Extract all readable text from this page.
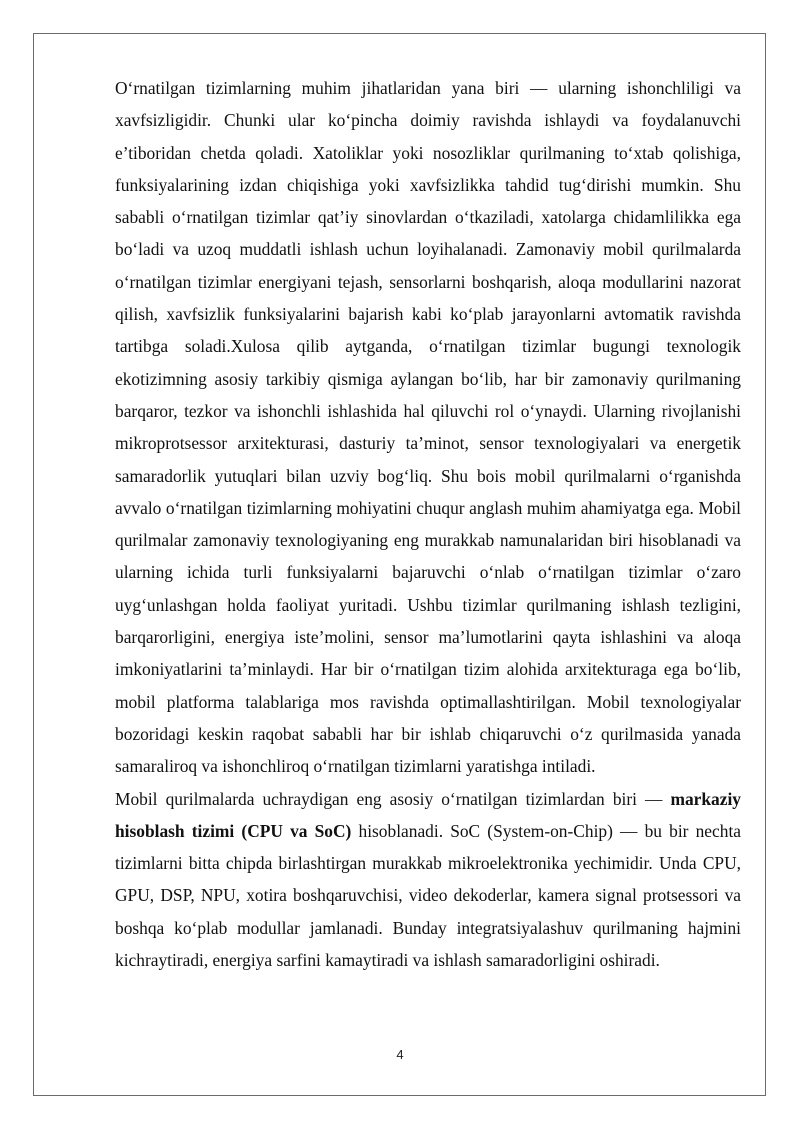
O‘rnatilgan tizimlarning muhim jihatlaridan yana biri — ularning ishonchliligi va xavfsizligidir. Chunki ular ko‘pincha doimiy ravishda ishlaydi va foydalanuvchi e’tiboridan chetda qoladi. Xatoliklar yoki nosozliklar qurilmaning to‘xtab qolishiga, funksiyalarining izdan chiqishiga yoki xavfsizlikka tahdid tug‘dirishi mumkin. Shu sababli o‘rnatilgan tizimlar qat’iy sinovlardan o‘tkaziladi, xatolarga chidamlilikka ega bo‘ladi va uzoq muddatli ishlash uchun loyihalanadi. Zamonaviy mobil qurilmalarda o‘rnatilgan tizimlar energiyani tejash, sensorlarni boshqarish, aloqa modullarini nazorat qilish, xavfsizlik funksiyalarini bajarish kabi ko‘plab jarayonlarni avtomatik ravishda tartibga soladi.Xulosa qilib aytganda, o‘rnatilgan tizimlar bugungi texnologik ekotizimning asosiy tarkibiy qismiga aylangan bo‘lib, har bir zamonaviy qurilmaning barqaror, tezkor va ishonchli ishlashida hal qiluvchi rol o‘ynaydi. Ularning rivojlanishi mikroprotsessor arxitekturasi, dasturiy ta’minot, sensor texnologiyalari va energetik samaradorlik yutuqlari bilan uzviy bog‘liq. Shu bois mobil qurilmalarni o‘rganishda avvalo o‘rnatilgan tizimlarning mohiyatini chuqur anglash muhim ahamiyatga ega. Mobil qurilmalar zamonaviy texnologiyaning eng murakkab namunalaridan biri hisoblanadi va ularning ichida turli funksiyalarni bajaruvchi o‘nlab o‘rnatilgan tizimlar o‘zaro uyg‘unlashgan holda faoliyat yuritadi. Ushbu tizimlar qurilmaning ishlash tezligini, barqarorligini, energiya iste’molini, sensor ma’lumotlarini qayta ishlashini va aloqa imkoniyatlarini ta’minlaydi. Har bir o‘rnatilgan tizim alohida arxitekturaga ega bo‘lib, mobil platforma talablariga mos ravishda optimallashtirilgan. Mobil texnologiyalar bozoridagi keskin raqobat sababli har bir ishlab chiqaruvchi o‘z qurilmasida yanada samaraliroq va ishonchliroq o‘rnatilgan tizimlarni yaratishga intiladi.

Mobil qurilmalarda uchraydigan eng asosiy o‘rnatilgan tizimlardan biri — markaziy hisoblash tizimi (CPU va SoC) hisoblanadi. SoC (System-on-Chip) — bu bir nechta tizimlarni bitta chipda birlashtirgan murakkab mikroelektronika yechimidir. Unda CPU, GPU, DSP, NPU, xotira boshqaruvchisi, video dekoderlar, kamera signal protsessori va boshqa ko‘plab modullar jamlanadi. Bunday integratsiyalashuv qurilmaning hajmini kichraytiradi, energiya sarfini kamaytiradi va ishlash samaradorligini oshiradi.

4
